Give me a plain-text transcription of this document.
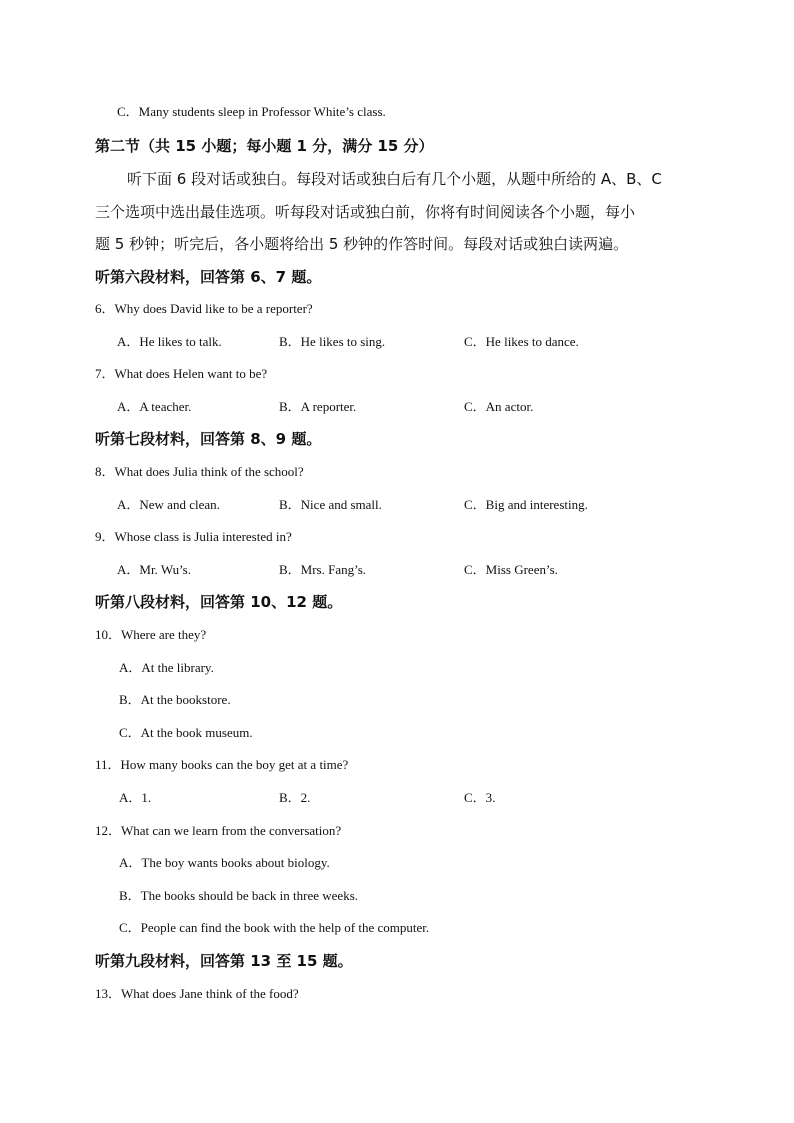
C．Many students sleep in Professor White’s class.
第二节（共 15 小题；每小题 1 分，满分 15 分）
听下面 6 段对话或独白。每段对话或独白后有几个小题，从题中所给的 A、B、C
三个选项中选出最佳选项。听每段对话或独白前，你将有时间阅读各个小题，每小
题 5 秒钟；听完后，各小题将给出 5 秒钟的作答时间。每段对话或独白读两遍。
听第六段材料，回答第 6、7 题。
6．Why does David like to be a reporter?
A．He likes to talk.	B．He likes to sing.	C．He likes to dance.
7．What does Helen want to be?
A．A teacher.	B．A reporter.	C．An actor.
听第七段材料，回答第 8、9 题。
8．What does Julia think of the school?
A．New and clean.	B．Nice and small.	C．Big and interesting.
9．Whose class is Julia interested in?
A．Mr. Wu’s.	B．Mrs. Fang’s.	C．Miss Green’s.
听第八段材料，回答第 10、12 题。
10．Where are they?
A．At the library.
B．At the bookstore.
C．At the book museum.
11．How many books can the boy get at a time?
A．1.	B．2.	C．3.
12．What can we learn from the conversation?
A．The boy wants books about biology.
B．The books should be back in three weeks.
C．People can find the book with the help of the computer.
听第九段材料，回答第 13 至 15 题。
13．What does Jane think of the food?
